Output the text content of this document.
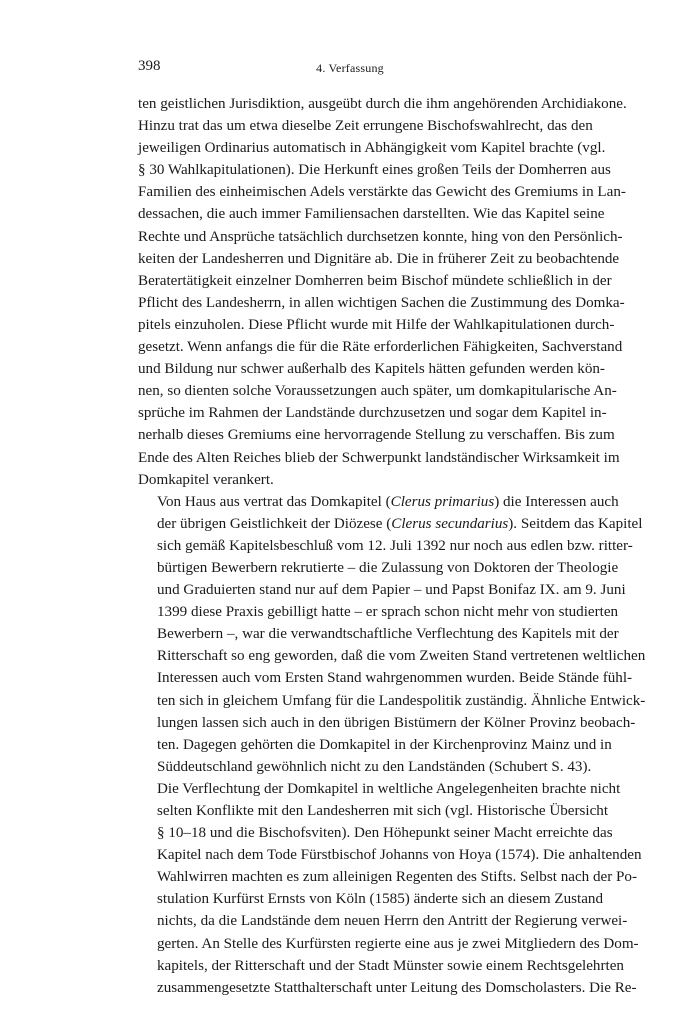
398	4. Verfassung

ten geistlichen Jurisdiktion, ausgeübt durch die ihm angehörenden Archidiakone.
Hinzu trat das um etwa dieselbe Zeit errungene Bischofswahlrecht, das den
jeweiligen Ordinarius automatisch in Abhängigkeit vom Kapitel brachte (vgl.
§ 30 Wahlkapitulationen). Die Herkunft eines großen Teils der Domherren aus
Familien des einheimischen Adels verstärkte das Gewicht des Gremiums in Lan-
dessachen, die auch immer Familiensachen darstellten. Wie das Kapitel seine
Rechte und Ansprüche tatsächlich durchsetzen konnte, hing von den Persönlich-
keiten der Landesherren und Dignitäre ab. Die in früherer Zeit zu beobachtende
Beratertätigkeit einzelner Domherren beim Bischof mündete schließlich in der
Pflicht des Landesherrn, in allen wichtigen Sachen die Zustimmung des Domka-
pitels einzuholen. Diese Pflicht wurde mit Hilfe der Wahlkapitulationen durch-
gesetzt. Wenn anfangs die für die Räte erforderlichen Fähigkeiten, Sachverstand
und Bildung nur schwer außerhalb des Kapitels hätten gefunden werden kön-
nen, so dienten solche Voraussetzungen auch später, um domkapitularische An-
sprüche im Rahmen der Landstände durchzusetzen und sogar dem Kapitel in-
nerhalb dieses Gremiums eine hervorragende Stellung zu verschaffen. Bis zum
Ende des Alten Reiches blieb der Schwerpunkt landständischer Wirksamkeit im
Domkapitel verankert.

Von Haus aus vertrat das Domkapitel (Clerus primarius) die Interessen auch
der übrigen Geistlichkeit der Diözese (Clerus secundarius). Seitdem das Kapitel
sich gemäß Kapitelsbeschluß vom 12. Juli 1392 nur noch aus edlen bzw. ritter-
bürtigen Bewerbern rekrutierte – die Zulassung von Doktoren der Theologie
und Graduierten stand nur auf dem Papier – und Papst Bonifaz IX. am 9. Juni
1399 diese Praxis gebilligt hatte – er sprach schon nicht mehr von studierten
Bewerbern –, war die verwandtschaftliche Verflechtung des Kapitels mit der
Ritterschaft so eng geworden, daß die vom Zweiten Stand vertretenen weltlichen
Interessen auch vom Ersten Stand wahrgenommen wurden. Beide Stände fühl-
ten sich in gleichem Umfang für die Landespolitik zuständig. Ähnliche Entwick-
lungen lassen sich auch in den übrigen Bistümern der Kölner Provinz beobach-
ten. Dagegen gehörten die Domkapitel in der Kirchenprovinz Mainz und in
Süddeutschland gewöhnlich nicht zu den Landständen (Schubert S. 43).

Die Verflechtung der Domkapitel in weltliche Angelegenheiten brachte nicht
selten Konflikte mit den Landesherren mit sich (vgl. Historische Übersicht
§ 10–18 und die Bischofsviten). Den Höhepunkt seiner Macht erreichte das
Kapitel nach dem Tode Fürstbischof Johanns von Hoya (1574). Die anhaltenden
Wahlwirren machten es zum alleinigen Regenten des Stifts. Selbst nach der Po-
stulation Kurfürst Ernsts von Köln (1585) änderte sich an diesem Zustand
nichts, da die Landstände dem neuen Herrn den Antritt der Regierung verwei-
gerten. An Stelle des Kurfürsten regierte eine aus je zwei Mitgliedern des Dom-
kapitels, der Ritterschaft und der Stadt Münster sowie einem Rechtsgelehrten
zusammengesetzte Statthalterschaft unter Leitung des Domscholasters. Die Re-
